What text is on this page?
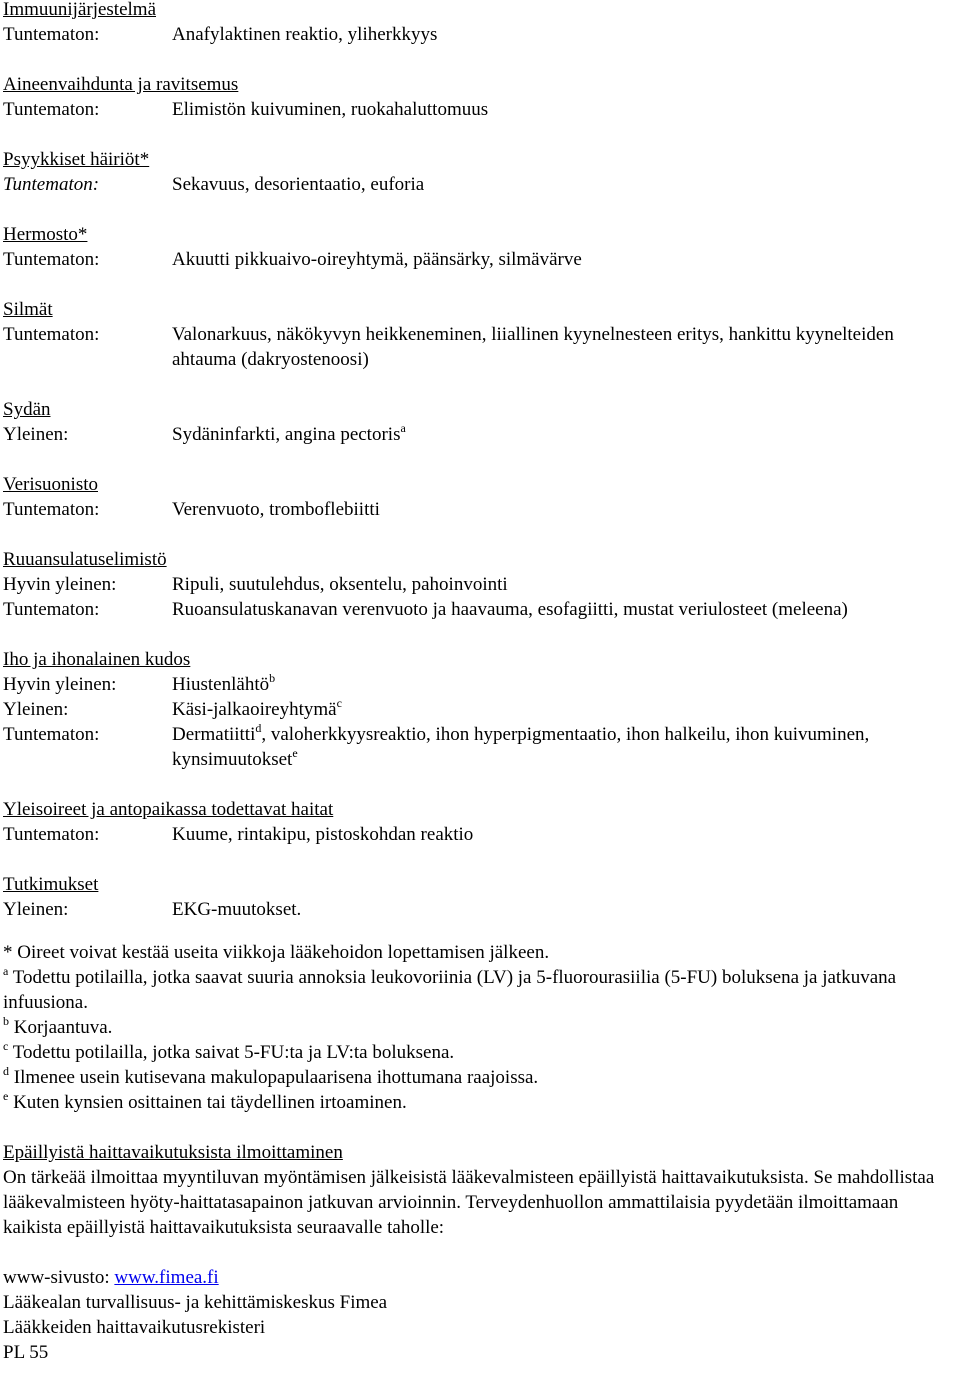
Immuunijärjestelmä
Tuntematon:	Anafylaktinen reaktio, yliherkkyys
Aineenvaihdunta ja ravitsemus
Tuntematon:	Elimistön kuivuminen, ruokahaluttomuus
Psyykkiset häiriöt*
Tuntematon:	Sekavuus, desorientaatio, euforia
Hermosto*
Tuntematon:	Akuutti pikkuaivo-oireyhtymä, päänsärky, silmävärve
Silmät
Tuntematon:	Valonarkuus, näkökyvyn heikkeneminen, liiallinen kyynelnesteen eritys, hankittu kyynelteiden ahtauma (dakryostenoosi)
Sydän
Yleinen:	Sydäninfarkti, angina pectoris$^a$
Verisuonisto
Tuntematon:	Verenvuoto, tromboflebiitti
Ruuansulatuselimistö
Hyvin yleinen:	Ripuli, suutulehdus, oksentelu, pahoinvointi
Tuntematon:	Ruoansulatuskanavan verenvuoto ja haavauma, esofagiitti, mustat veriulosteet (meleena)
Iho ja ihonalainen kudos
Hyvin yleinen:	Hiustenlähtö$^b$
Yleinen:	Käsi-jalkaoireyhtymä$^c$
Tuntematon:	Dermatiitti$^d$, valoherkkyysreaktio, ihon hyperpigmentaatio, ihon halkeilu, ihon kuivuminen, kynsimuutokset$^e$
Yleisoireet ja antopaikassa todettavat haitat
Tuntematon:	Kuume, rintakipu, pistoskohdan reaktio
Tutkimukset
Yleinen:	EKG-muutokset.
* Oireet voivat kestää useita viikkoja lääkehoidon lopettamisen jälkeen.
$^a$ Todettu potilailla, jotka saavat suuria annoksia leukovoriinia (LV) ja 5-fluorourasiilia (5-FU) boluksena ja jatkuvana infuusiona.
$^b$ Korjaantuva.
$^c$ Todettu potilailla, jotka saivat 5-FU:ta ja LV:ta boluksena.
$^d$ Ilmenee usein kutisevana makulopapulaarisena ihottumana raajoissa.
$^e$ Kuten kynsien osittainen tai täydellinen irtoaminen.
Epäillyistä haittavaikutuksista ilmoittaminen

On tärkeää ilmoittaa myyntiluvan myöntämisen jälkeisistä lääkevalmisteen epäillyistä haittavaikutuksista. Se mahdollistaa lääkevalmisteen hyöty-haittatasapainon jatkuvan arvioinnin. Terveydenhuollon ammattilaisia pyydetään ilmoittamaan kaikista epäillyistä haittavaikutuksista seuraavalle taholle:

www-sivusto: www.fimea.fi
Lääkealan turvallisuus- ja kehittämiskeskus Fimea
Lääkkeiden haittavaikutusrekisteri
PL 55
